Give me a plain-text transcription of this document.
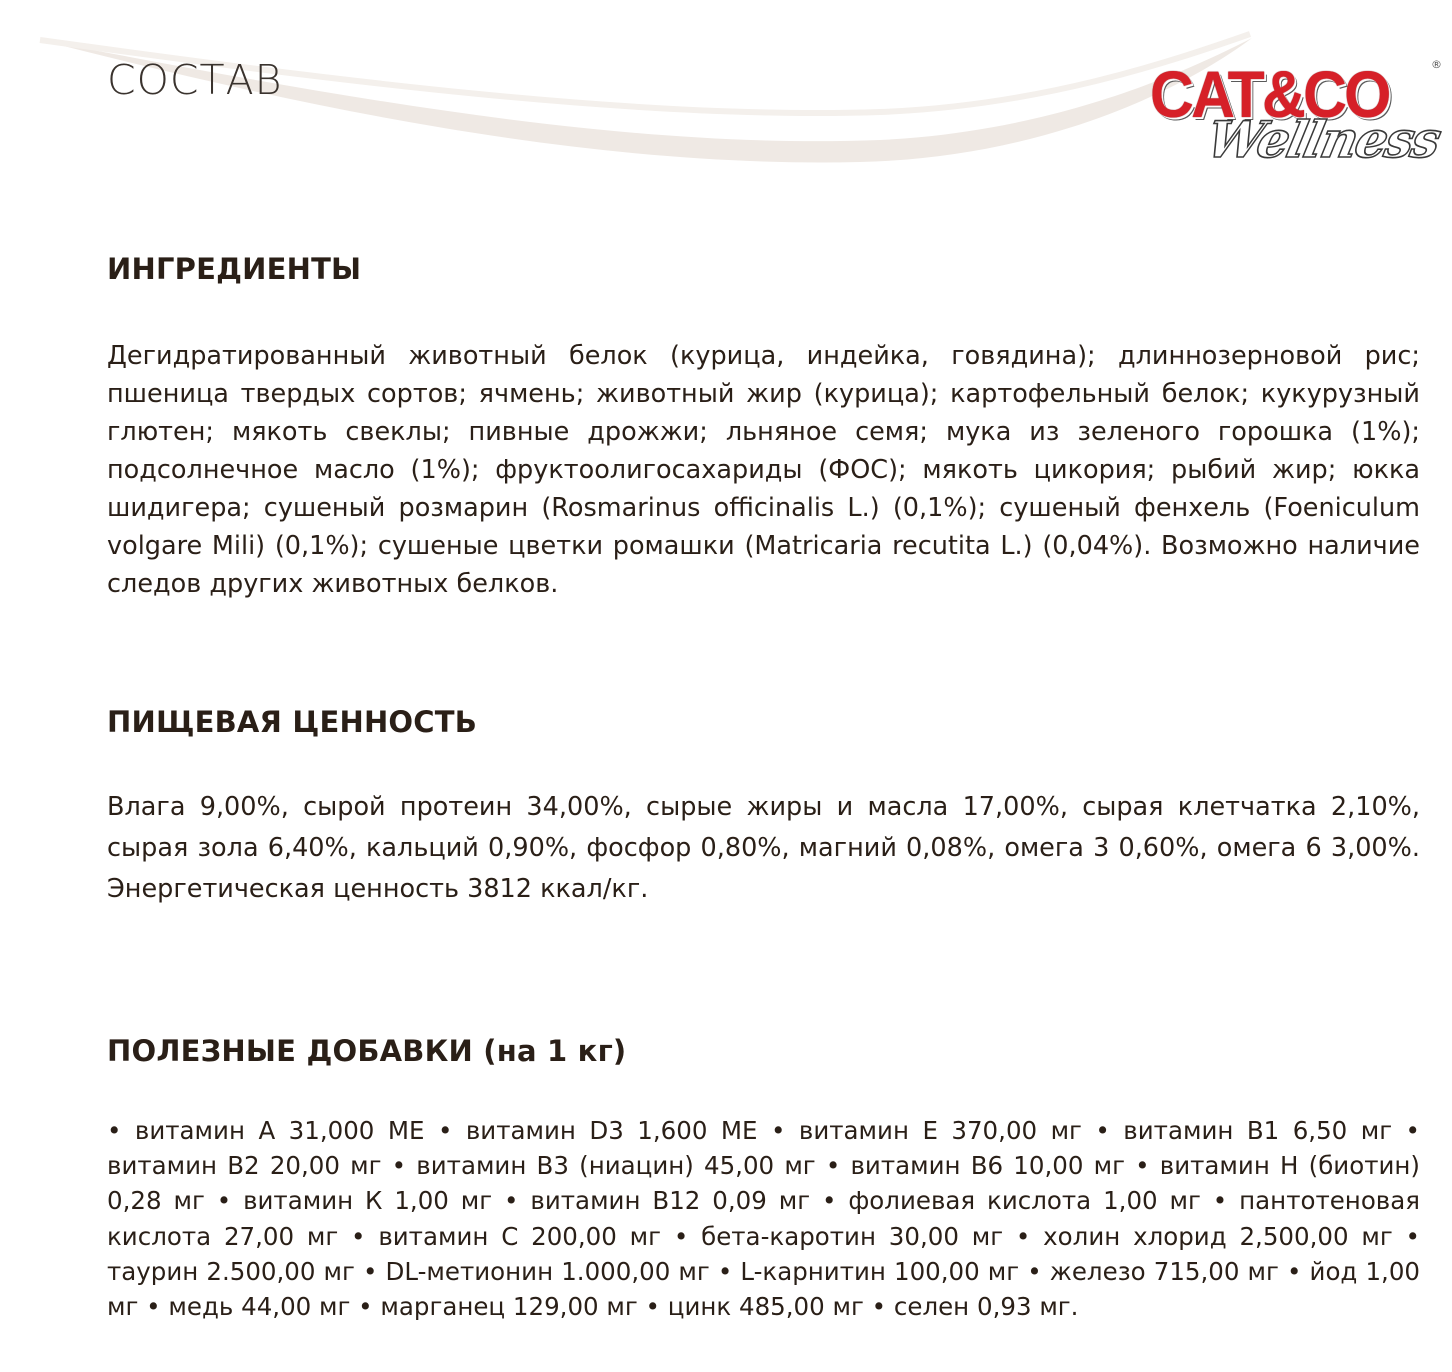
СОСТАВ	CAT&CO	®
Wellness
ИНГРЕДИЕНТЫ

Дегидратированный животный белок (курица, индейка, говядина); длиннозерновой рис; пшеница твердых сортов; ячмень; животный жир (курица); картофельный белок; кукурузный глютен; мякоть свеклы; пивные дрожжи; льняное семя; мука из зеленого горошка (1%); подсолнечное масло (1%); фруктоолигосахариды (ФОС); мякоть цикория; рыбий жир; юкка шидигера; сушеный розмарин (Rosmarinus officinalis L.) (0,1%); сушеный фенхель (Foeniculum volgare Mili) (0,1%); сушеные цветки ромашки (Matricaria recutita L.) (0,04%). Возможно наличие следов других животных белков.

ПИЩЕВАЯ ЦЕННОСТЬ

Влага 9,00%, сырой протеин 34,00%, сырые жиры и масла 17,00%, сырая клетчатка 2,10%, сырая зола 6,40%, кальций 0,90%, фосфор 0,80%, магний 0,08%, омега 3 0,60%, омега 6 3,00%. Энергетическая ценность 3812 ккал/кг.

ПОЛЕЗНЫЕ ДОБАВКИ (на 1 кг)

• витамин А 31,000 МЕ • витамин D3 1,600 МЕ • витамин Е 370,00 мг • витамин В1 6,50 мг • витамин В2 20,00 мг • витамин В3 (ниацин) 45,00 мг • витамин В6 10,00 мг • витамин Н (биотин) 0,28 мг • витамин К 1,00 мг • витамин В12 0,09 мг • фолиевая кислота 1,00 мг • пантотеновая кислота 27,00 мг • витамин С 200,00 мг • бета-каротин 30,00 мг • холин хлорид 2,500,00 мг • таурин 2.500,00 мг • DL-метионин 1.000,00 мг • L-карнитин 100,00 мг • железо 715,00 мг • йод 1,00 мг • медь 44,00 мг • марганец 129,00 мг • цинк 485,00 мг • селен 0,93 мг.
